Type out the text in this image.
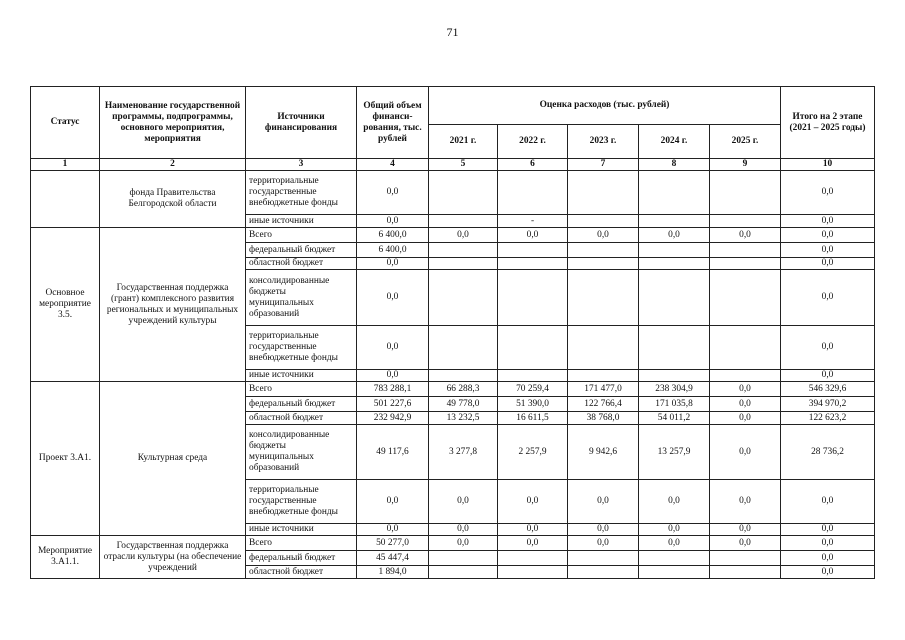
71
Статус	Наименование государственной программы, подпрограммы, основного мероприятия, мероприятия	Источники финансирования	Общий объем финанси-рования, тыс. рублей	Оценка расходов (тыс. рублей)					Итого на 2 этапе (2021 – 2025 годы)
				2021 г.	2022 г.	2023 г.	2024 г.	2025 г.	
1	2	3	4	5	6	7	8	9	10
	фонда Правительства Белгородской области	территориальные государственные внебюджетные фонды	0,0						0,0
		иные источники	0,0		-				0,0
Основное мероприятие 3.5.	Государственная поддержка (грант) комплексного развития региональных и муниципальных учреждений культуры	Всего	6 400,0	0,0	0,0	0,0	0,0	0,0	0,0
		федеральный бюджет	6 400,0						0,0
		областной бюджет	0,0						0,0
		консолидированные бюджеты муниципальных образований	0,0						0,0
		территориальные государственные внебюджетные фонды	0,0						0,0
		иные источники	0,0						0,0
Проект 3.А1.	Культурная среда	Всего	783 288,1	66 288,3	70 259,4	171 477,0	238 304,9	0,0	546 329,6
		федеральный бюджет	501 227,6	49 778,0	51 390,0	122 766,4	171 035,8	0,0	394 970,2
		областной бюджет	232 942,9	13 232,5	16 611,5	38 768,0	54 011,2	0,0	122 623,2
		консолидированные бюджеты муниципальных образований	49 117,6	3 277,8	2 257,9	9 942,6	13 257,9	0,0	28 736,2
		территориальные государственные внебюджетные фонды	0,0	0,0	0,0	0,0	0,0	0,0	0,0
		иные источники	0,0	0,0	0,0	0,0	0,0	0,0	0,0
Мероприятие 3.А1.1.	Государственная поддержка отрасли культуры (на обеспечение учреждений	Всего	50 277,0	0,0	0,0	0,0	0,0	0,0	0,0
		федеральный бюджет	45 447,4						0,0
		областной бюджет	1 894,0						0,0
